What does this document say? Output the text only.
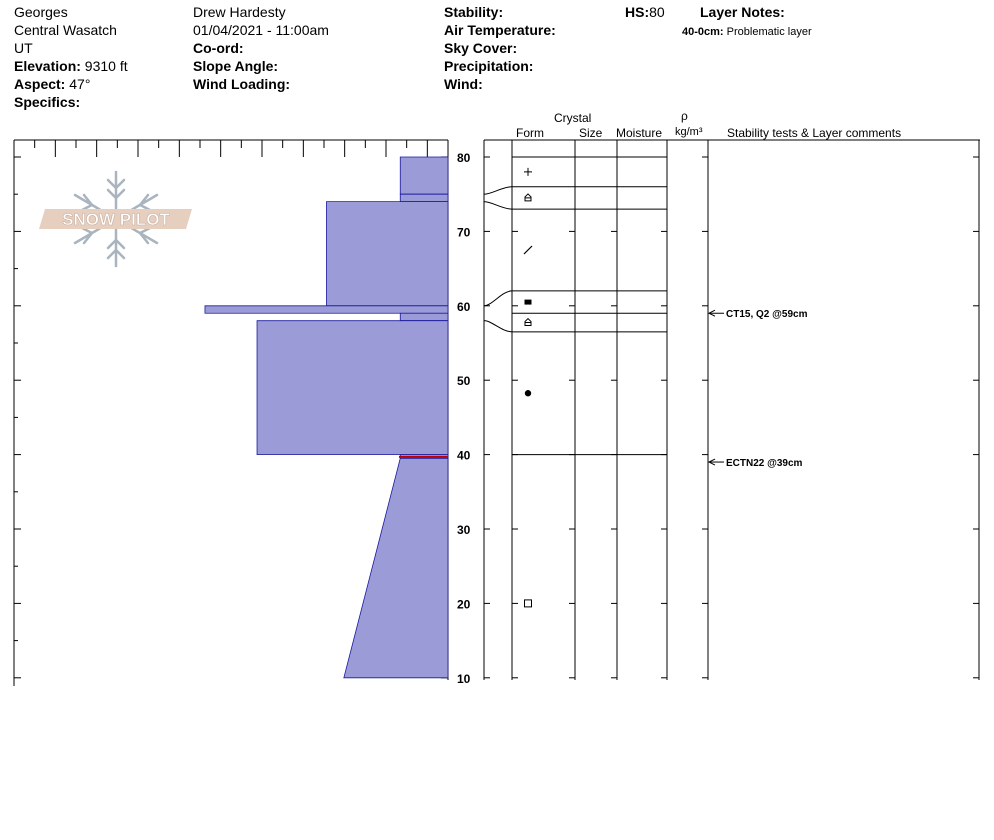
Georges
Central Wasatch
UT
Elevation: 9310 ft
Aspect: 47°
Specifics:
Drew Hardesty
01/04/2021 - 11:00am
Co-ord:
Slope Angle:
Wind Loading:
Stability:
Air Temperature:
Sky Cover:
Precipitation:
Wind:
HS:80	Layer Notes:
40-0cm: Problematic layer
Crystal
Form	Size Moisture
ρ
kg/m³ Stability tests & Layer comments
SNOW PILOT
80
70
60
50
40
30
20
10
CT15, Q2 @59cm
ECTN22 @39cm
